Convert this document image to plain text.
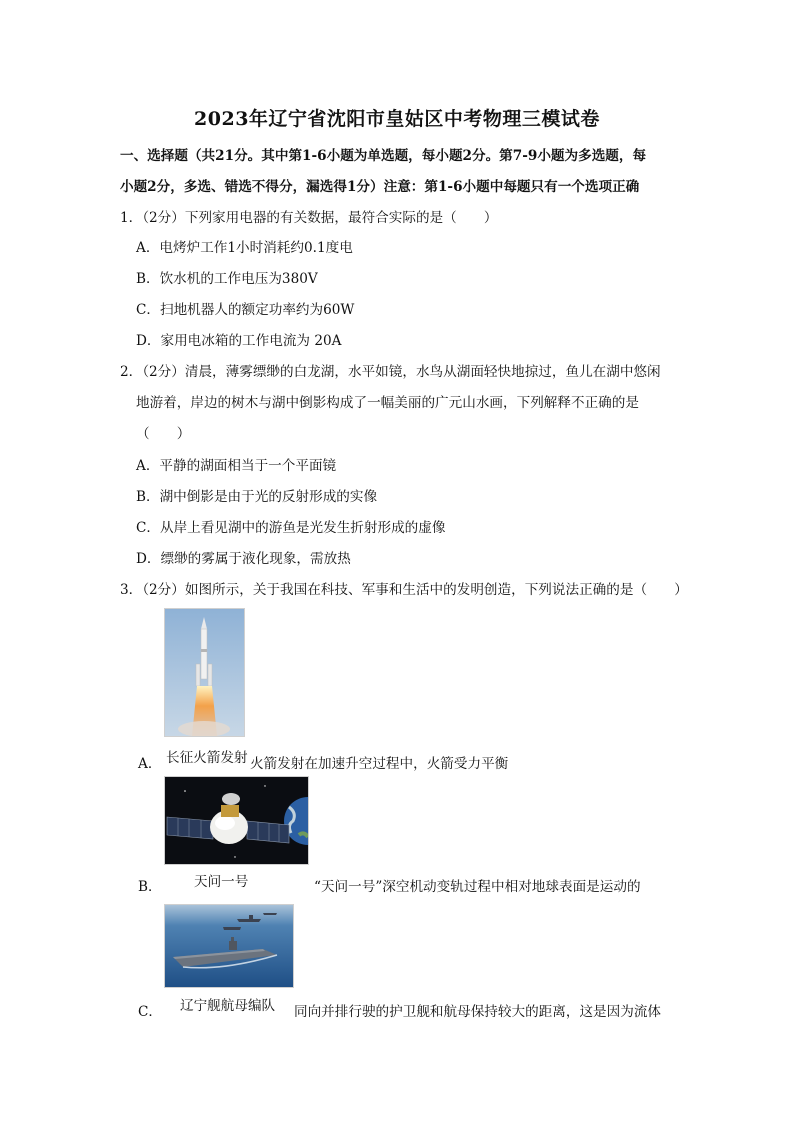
2023年辽宁省沈阳市皇姑区中考物理三模试卷
一、选择题（共21分。其中第1-6小题为单选题，每小题2分。第7-9小题为多选题，每
小题2分，多选、错选不得分，漏选得1分）注意：第1-6小题中每题只有一个选项正确
1．（2分）下列家用电器的有关数据，最符合实际的是（　　）
A．电烤炉工作1小时消耗约0.1度电
B．饮水机的工作电压为380V
C．扫地机器人的额定功率约为60W
D．家用电冰箱的工作电流为 20A
2．（2分）清晨，薄雾缥缈的白龙湖，水平如镜，水鸟从湖面轻快地掠过，鱼儿在湖中悠闲
地游着，岸边的树木与湖中倒影构成了一幅美丽的广元山水画，下列解释不正确的是
（　　）
A．平静的湖面相当于一个平面镜
B．湖中倒影是由于光的反射形成的实像
C．从岸上看见湖中的游鱼是光发生折射形成的虚像
D．缥缈的雾属于液化现象，需放热
3．（2分）如图所示，关于我国在科技、军事和生活中的发明创造，下列说法正确的是（　　）
A． 长征火箭发射 火箭发射在加速升空过程中，火箭受力平衡
B． 天问一号	“天问一号”深空机动变轨过程中相对地球表面是运动的
C． 辽宁舰航母编队 同向并排行驶的护卫舰和航母保持较大的距离，这是因为流体
